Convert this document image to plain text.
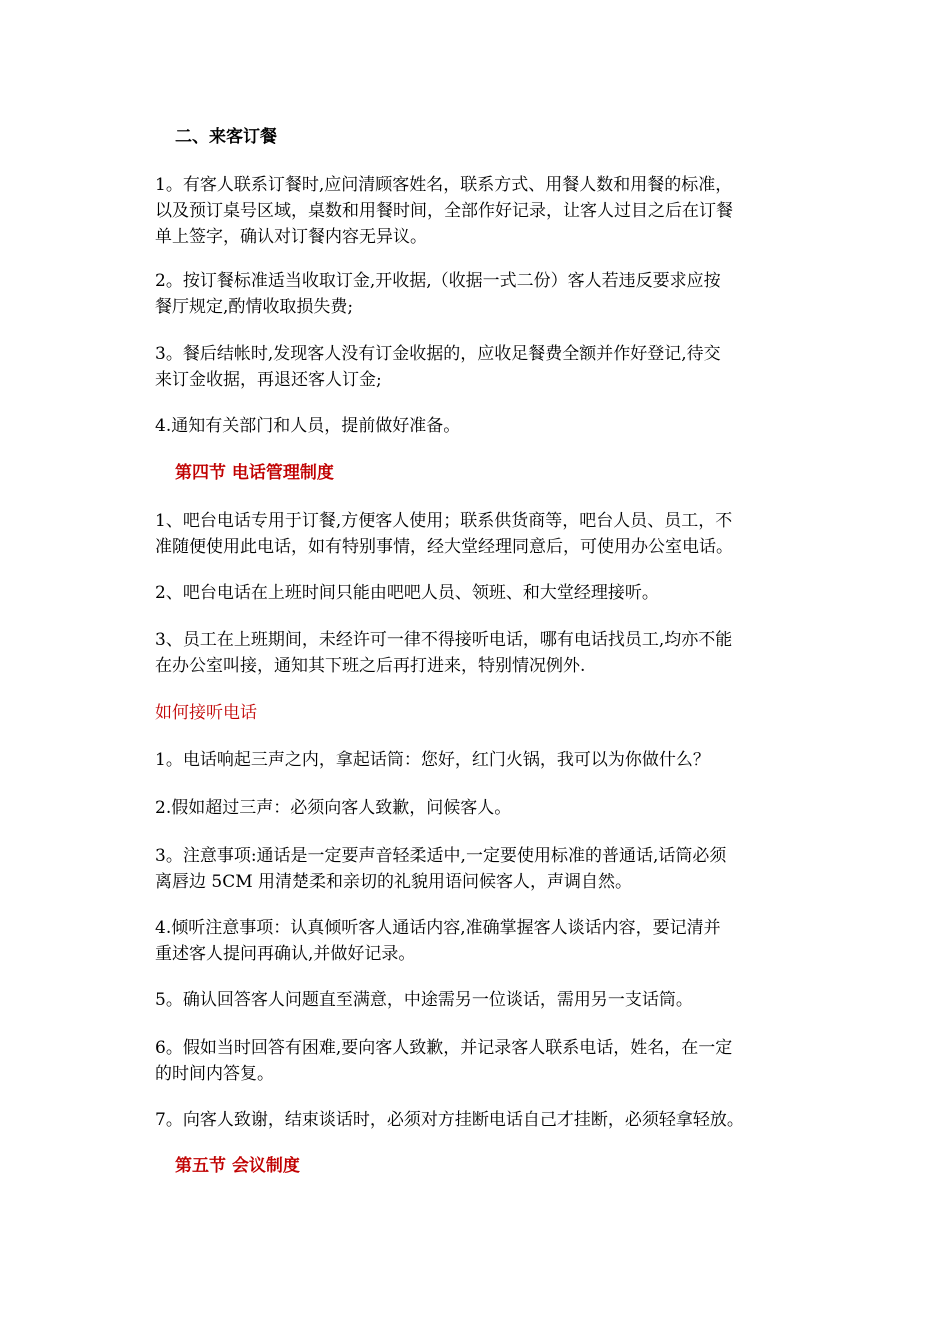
二、来客订餐
1。有客人联系订餐时,应问清顾客姓名，联系方式、用餐人数和用餐的标准，
以及预订桌号区域，桌数和用餐时间，全部作好记录，让客人过目之后在订餐
单上签字，确认对订餐内容无异议。
2。按订餐标准适当收取订金,开收据,（收据一式二份）客人若违反要求应按
餐厅规定,酌情收取损失费;
3。餐后结帐时,发现客人没有订金收据的，应收足餐费全额并作好登记,待交
来订金收据，再退还客人订金;
4.通知有关部门和人员，提前做好准备。
第四节 电话管理制度
1、吧台电话专用于订餐,方便客人使用；联系供货商等，吧台人员、员工，不
准随便使用此电话，如有特别事情，经大堂经理同意后，可使用办公室电话。
2、吧台电话在上班时间只能由吧吧人员、领班、和大堂经理接听。
3、员工在上班期间，未经许可一律不得接听电话，哪有电话找员工,均亦不能
在办公室叫接，通知其下班之后再打进来，特别情况例外.
如何接听电话
1。电话响起三声之内，拿起话筒：您好，红门火锅，我可以为你做什么？
2.假如超过三声：必须向客人致歉，问候客人。
3。注意事项:通话是一定要声音轻柔适中,一定要使用标准的普通话,话筒必须
离唇边 5CM 用清楚柔和亲切的礼貌用语问候客人，声调自然。
4.倾听注意事项：认真倾听客人通话内容,准确掌握客人谈话内容，要记清并
重述客人提问再确认,并做好记录。
5。确认回答客人问题直至满意，中途需另一位谈话，需用另一支话筒。
6。假如当时回答有困难,要向客人致歉，并记录客人联系电话，姓名，在一定
的时间内答复。
7。向客人致谢，结束谈话时，必须对方挂断电话自己才挂断，必须轻拿轻放。
第五节 会议制度
